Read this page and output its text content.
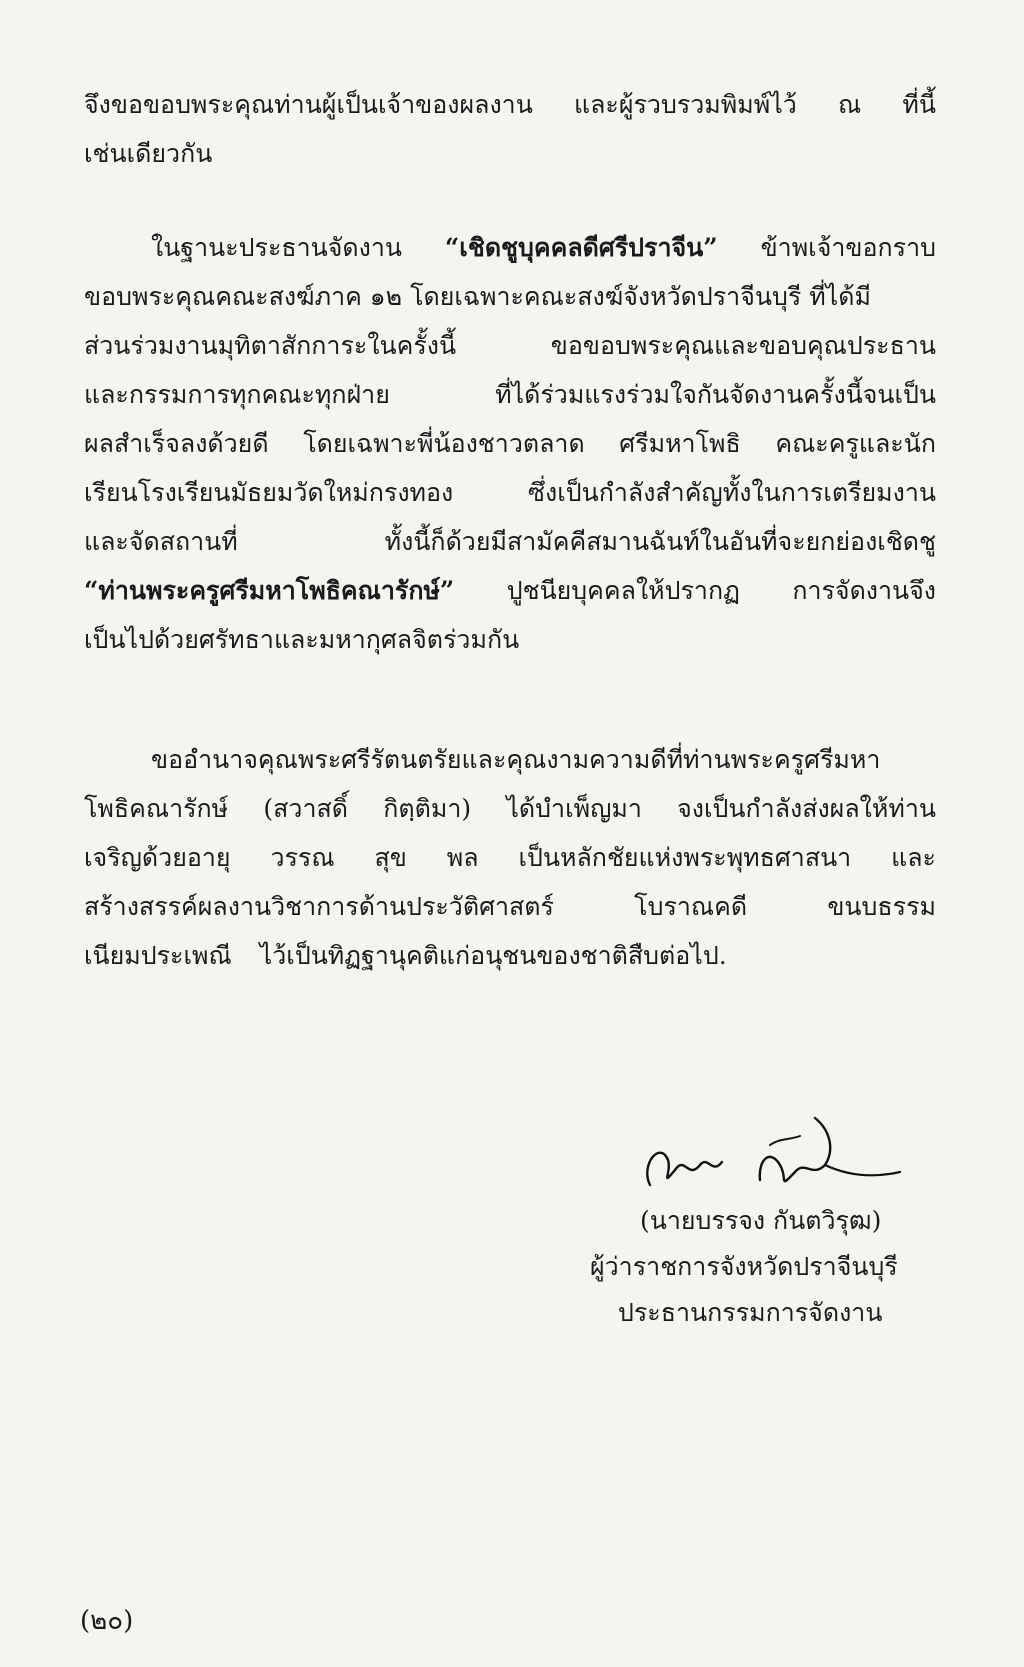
จึงขอขอบพระคุณท่านผู้เป็นเจ้าของผลงาน และผู้รวบรวมพิมพ์ไว้ ณ ที่นี้
เช่นเดียวกัน
ในฐานะประธานจัดงาน “เชิดชูบุคคลดีศรีปราจีน” ข้าพเจ้าขอกราบ
ขอบพระคุณคณะสงฆ์ภาค ๑๒ โดยเฉพาะคณะสงฆ์จังหวัดปราจีนบุรี ที่ได้มี
ส่วนร่วมงานมุทิตาสักการะในครั้งนี้	ขอขอบพระคุณและขอบคุณประธาน
และกรรมการทุกคณะทุกฝ่าย	ที่ได้ร่วมแรงร่วมใจกันจัดงานครั้งนี้จนเป็น
ผลสำเร็จลงด้วยดี โดยเฉพาะพี่น้องชาวตลาด ศรีมหาโพธิ คณะครูและนัก
เรียนโรงเรียนมัธยมวัดใหม่กรงทอง	ซึ่งเป็นกำลังสำคัญทั้งในการเตรียมงาน
และจัดสถานที่	ทั้งนี้ก็ด้วยมีสามัคคีสมานฉันท์ในอันที่จะยกย่องเชิดชู
“ท่านพระครูศรีมหาโพธิคณารักษ์” ปูชนียบุคคลให้ปรากฏ การจัดงานจึง
เป็นไปด้วยศรัทธาและมหากุศลจิตร่วมกัน
ขออำนาจคุณพระศรีรัตนตรัยและคุณงามความดีที่ท่านพระครูศรีมหา
โพธิคณารักษ์ (สวาสดิ์ กิตฺติมา) ได้บำเพ็ญมา จงเป็นกำลังส่งผลให้ท่าน
เจริญด้วยอายุ วรรณ สุข พล เป็นหลักชัยแห่งพระพุทธศาสนา และ
สร้างสรรค์ผลงานวิชาการด้านประวัติศาสตร์	โบราณคดี	ขนบธรรม
เนียมประเพณี ไว้เป็นทิฏฐานุคติแก่อนุชนของชาติสืบต่อไป.
(นายบรรจง กันตวิรุฒ)
ผู้ว่าราชการจังหวัดปราจีนบุรี
ประธานกรรมการจัดงาน
(๒๐)
